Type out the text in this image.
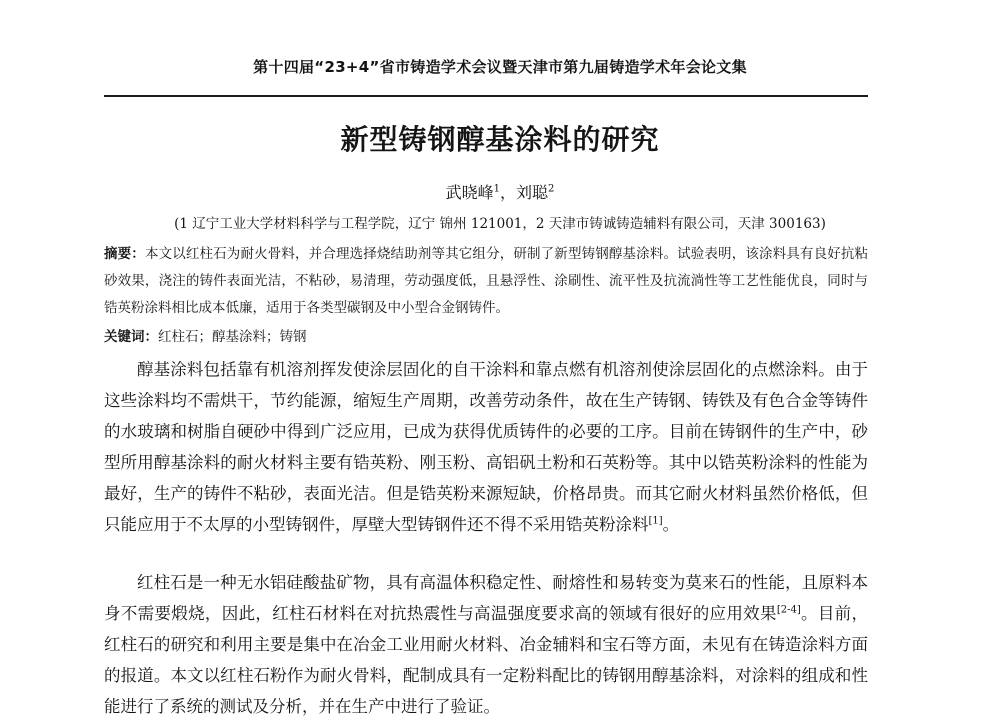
第十四届“23+4”省市铸造学术会议暨天津市第九届铸造学术年会论文集
新型铸钢醇基涂料的研究
武晓峰$^1$，刘聪$^2$
(1 辽宁工业大学材料科学与工程学院，辽宁 锦州 121001，2 天津市铸诚铸造辅料有限公司，天津 300163)
摘要：本文以红柱石为耐火骨料，并合理选择烧结助剂等其它组分，研制了新型铸钢醇基涂料。试验表明，该涂料具有良好抗粘砂效果，浇注的铸件表面光洁，不粘砂，易清理，劳动强度低，且悬浮性、涂刷性、流平性及抗流淌性等工艺性能优良，同时与锆英粉涂料相比成本低廉，适用于各类型碳钢及中小型合金钢铸件。
关键词：红柱石；醇基涂料；铸钢

醇基涂料包括靠有机溶剂挥发使涂层固化的自干涂料和靠点燃有机溶剂使涂层固化的点燃涂料。由于这些涂料均不需烘干，节约能源，缩短生产周期，改善劳动条件，故在生产铸钢、铸铁及有色合金等铸件的水玻璃和树脂自硬砂中得到广泛应用，已成为获得优质铸件的必要的工序。目前在铸钢件的生产中，砂型所用醇基涂料的耐火材料主要有锆英粉、刚玉粉、高铝矾土粉和石英粉等。其中以锆英粉涂料的性能为最好，生产的铸件不粘砂，表面光洁。但是锆英粉来源短缺，价格昂贵。而其它耐火材料虽然价格低，但只能应用于不太厚的小型铸钢件，厚壁大型铸钢件还不得不采用锆英粉涂料[1]。

红柱石是一种无水铝硅酸盐矿物，具有高温体积稳定性、耐熔性和易转变为莫来石的性能，且原料本身不需要煅烧，因此，红柱石材料在对抗热震性与高温强度要求高的领域有很好的应用效果[2-4]。目前，红柱石的研究和利用主要是集中在冶金工业用耐火材料、冶金辅料和宝石等方面，未见有在铸造涂料方面的报道。本文以红柱石粉作为耐火骨料，配制成具有一定粉料配比的铸钢用醇基涂料，对涂料的组成和性能进行了系统的测试及分析，并在生产中进行了验证。
